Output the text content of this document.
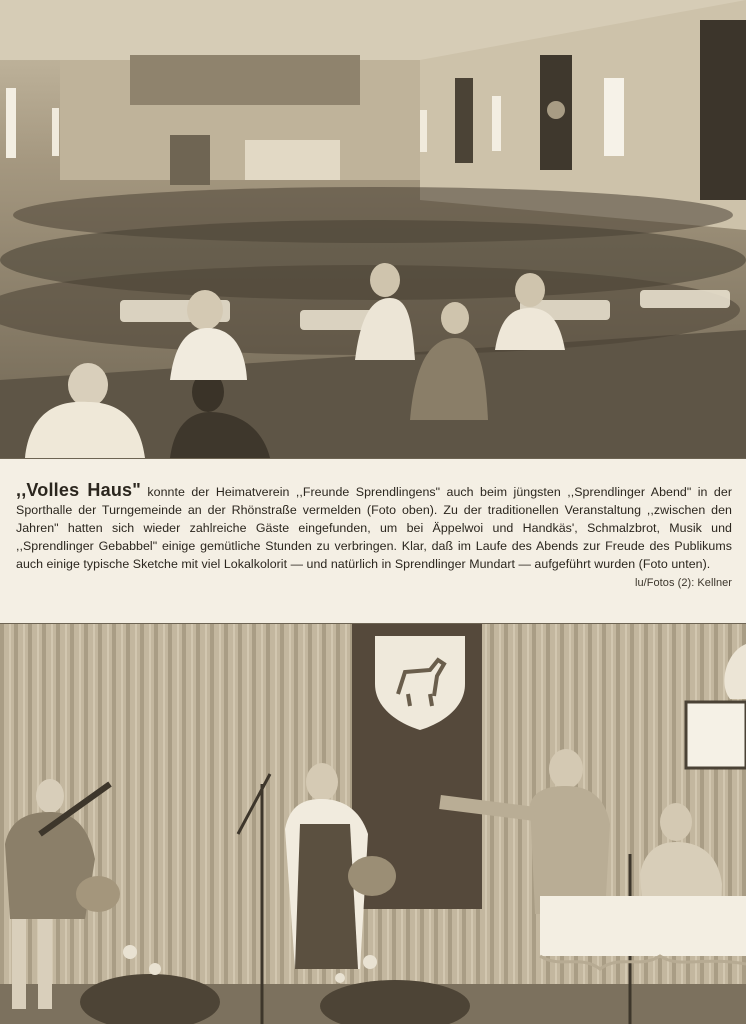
,,Volles Haus" konnte der Heimatverein ,,Freunde Sprendlingens" auch beim jüngsten ,,Sprendlinger Abend" in der Sporthalle der Turngemeinde an der Rhönstraße vermelden (Foto oben). Zu der traditionellen Veranstaltung ,,zwischen den Jahren" hatten sich wieder zahlreiche Gäste eingefunden, um bei Äppelwoi und Handkäs', Schmalzbrot, Musik und ,,Sprendlinger Gebabbel" einige gemütliche Stunden zu verbringen. Klar, daß im Laufe des Abends zur Freude des Publikums auch einige typische Sketche mit viel Lokalkolorit — und natürlich in Sprendlinger Mundart — aufgeführt wurden (Foto unten).
lu/Fotos (2): Kellner
